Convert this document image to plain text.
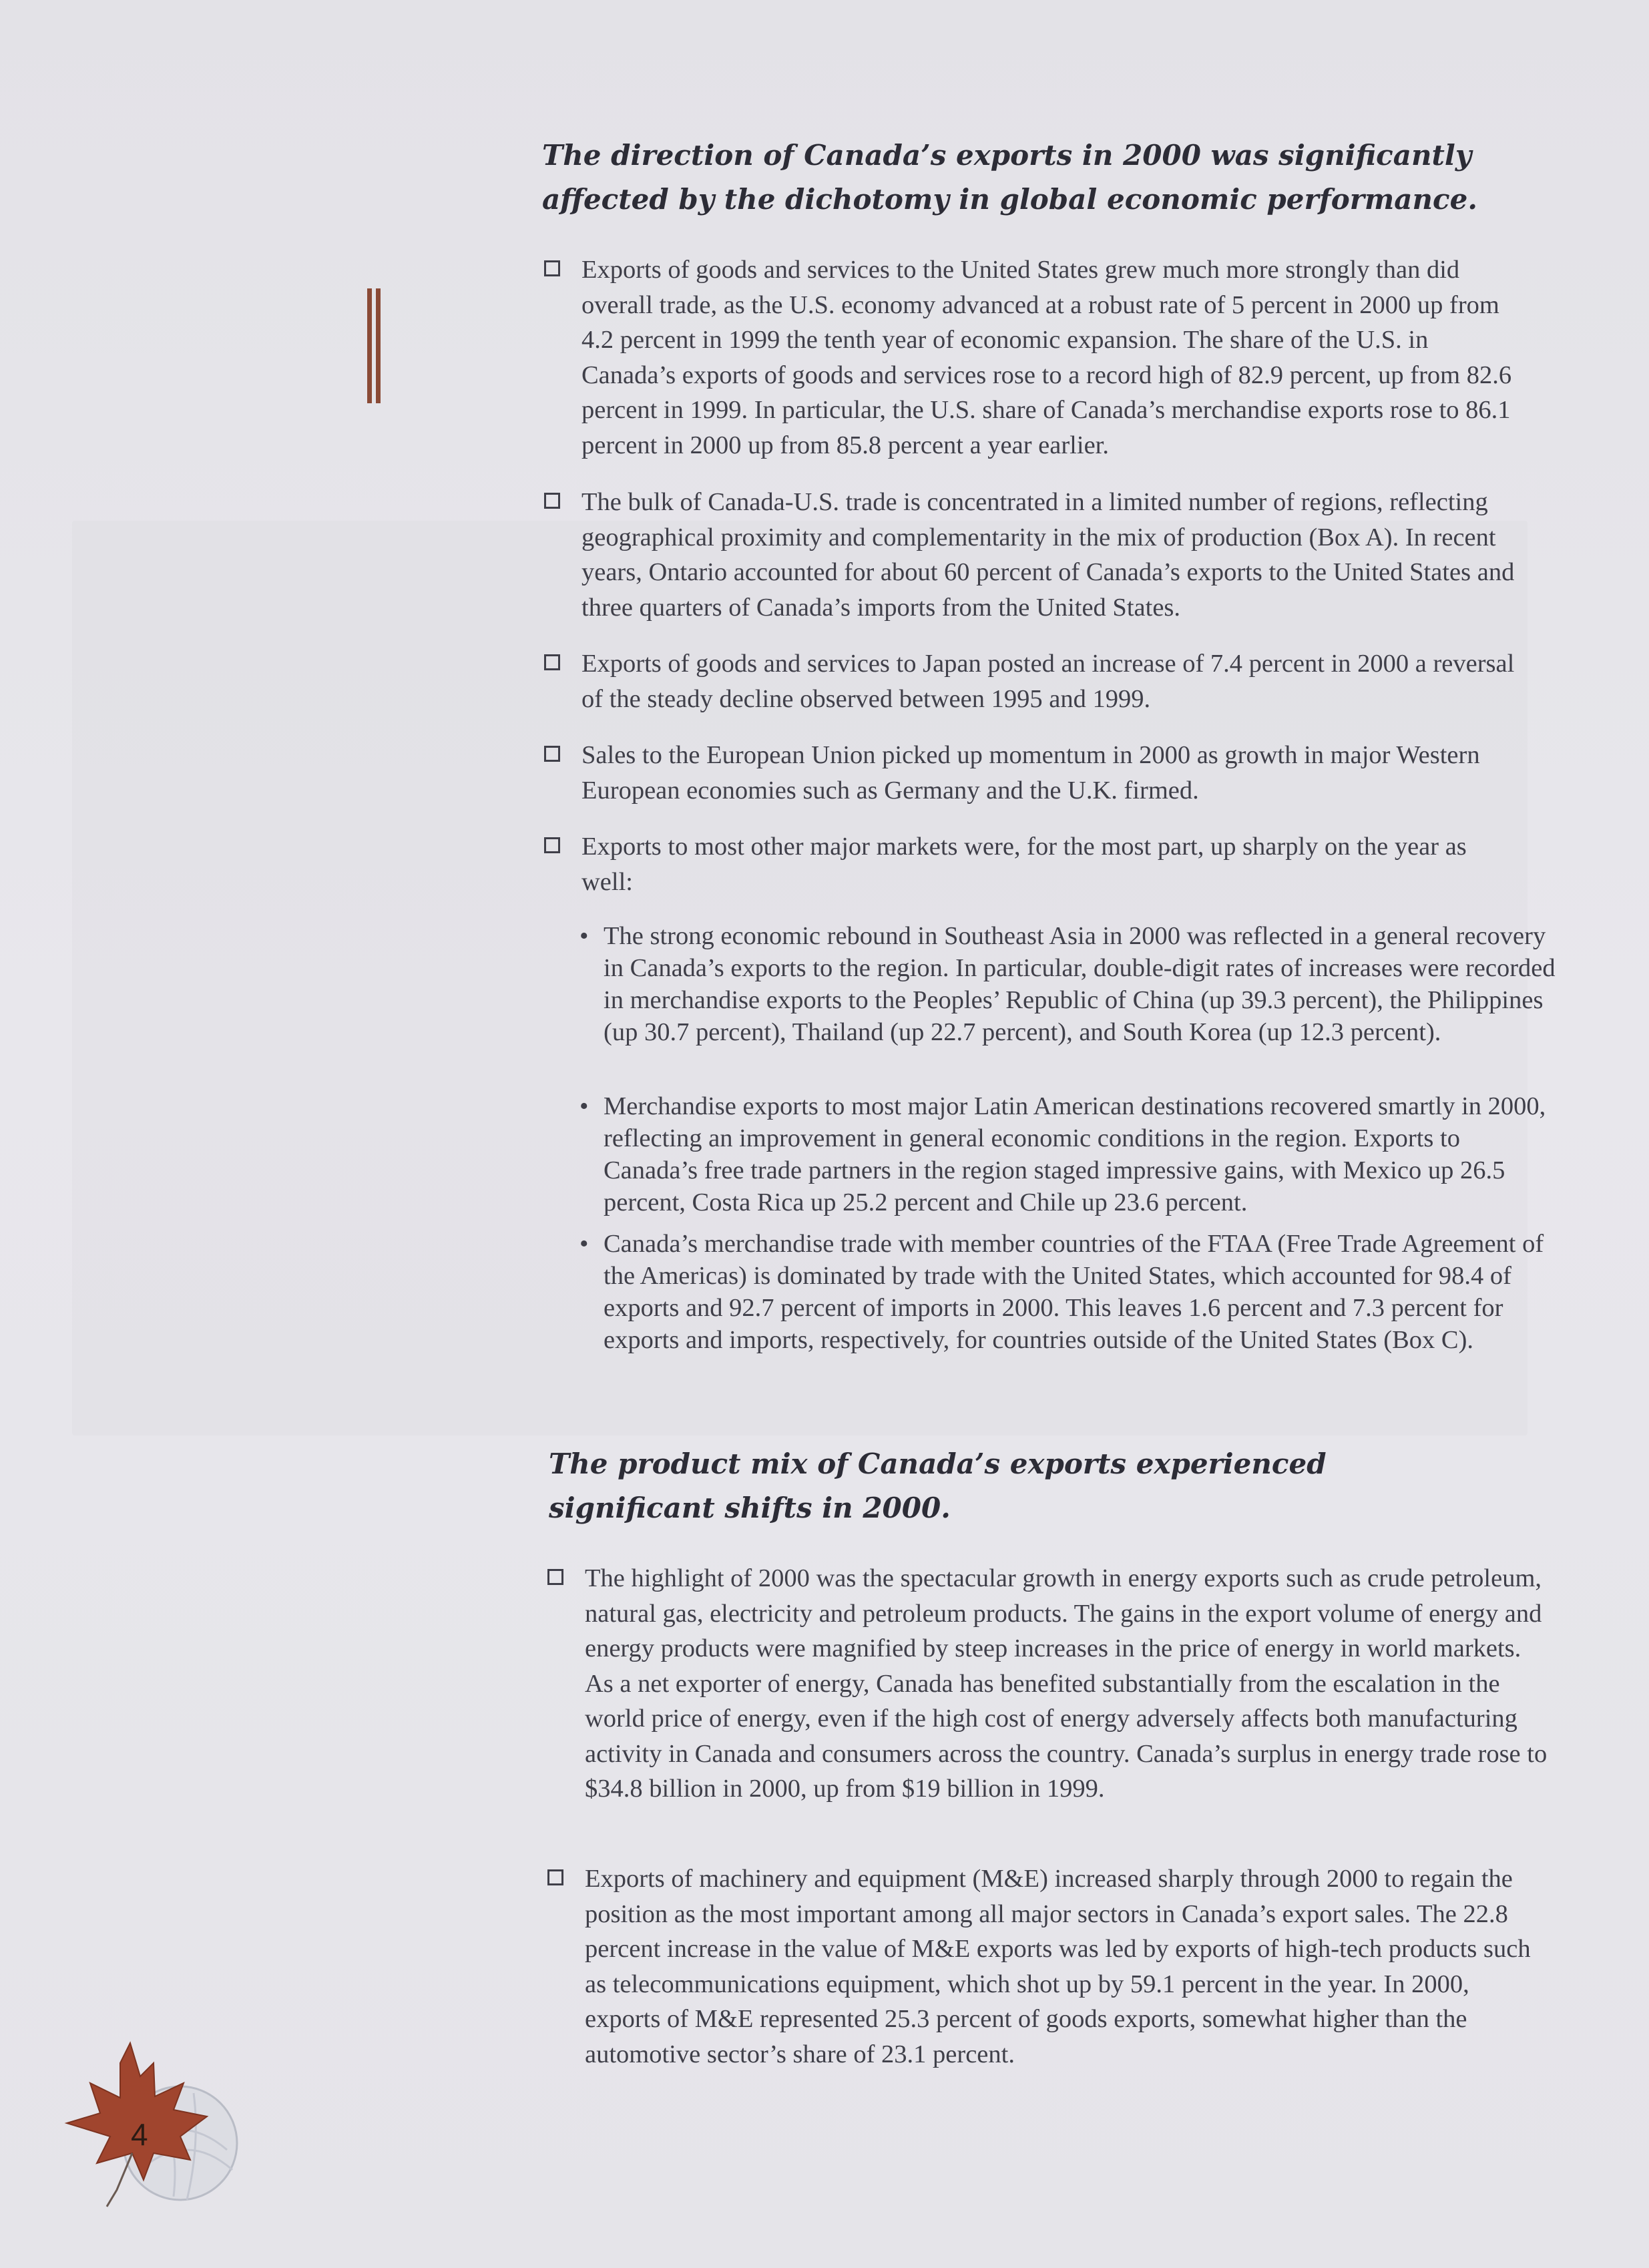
The direction of Canada’s exports in 2000 was significantly affected by the dichotomy in global economic performance.
Exports of goods and services to the United States grew much more strongly than did overall trade, as the U.S. economy advanced at a robust rate of 5 percent in 2000 up from 4.2 percent in 1999 the tenth year of economic expansion. The share of the U.S. in Canada’s exports of goods and services rose to a record high of 82.9 percent, up from 82.6 percent in 1999. In particular, the U.S. share of Canada’s merchandise exports rose to 86.1 percent in 2000 up from 85.8 percent a year earlier.
The bulk of Canada-U.S. trade is concentrated in a limited number of regions, reflecting geographical proximity and complementarity in the mix of production (Box A). In recent years, Ontario accounted for about 60 percent of Canada’s exports to the United States and three quarters of Canada’s imports from the United States.
Exports of goods and services to Japan posted an increase of 7.4 percent in 2000 a reversal of the steady decline observed between 1995 and 1999.
Sales to the European Union picked up momentum in 2000 as growth in major Western European economies such as Germany and the U.K. firmed.
Exports to most other major markets were, for the most part, up sharply on the year as well:
• The strong economic rebound in Southeast Asia in 2000 was reflected in a general recovery in Canada’s exports to the region. In particular, double-digit rates of increases were recorded in merchandise exports to the Peoples’ Republic of China (up 39.3 percent), the Philippines (up 30.7 percent), Thailand (up 22.7 percent), and South Korea (up 12.3 percent).
• Merchandise exports to most major Latin American destinations recovered smartly in 2000, reflecting an improvement in general economic conditions in the region. Exports to Canada’s free trade partners in the region staged impressive gains, with Mexico up 26.5 percent, Costa Rica up 25.2 percent and Chile up 23.6 percent.
• Canada’s merchandise trade with member countries of the FTAA (Free Trade Agreement of the Americas) is dominated by trade with the United States, which accounted for 98.4 of exports and 92.7 percent of imports in 2000. This leaves 1.6 percent and 7.3 percent for exports and imports, respectively, for countries outside of the United States (Box C).
The product mix of Canada’s exports experienced significant shifts in 2000.
The highlight of 2000 was the spectacular growth in energy exports such as crude petroleum, natural gas, electricity and petroleum products. The gains in the export volume of energy and energy products were magnified by steep increases in the price of energy in world markets. As a net exporter of energy, Canada has benefited substantially from the escalation in the world price of energy, even if the high cost of energy adversely affects both manufacturing activity in Canada and consumers across the country. Canada’s surplus in energy trade rose to $34.8 billion in 2000, up from $19 billion in 1999.
Exports of machinery and equipment (M&E) increased sharply through 2000 to regain the position as the most important among all major sectors in Canada’s export sales. The 22.8 percent increase in the value of M&E exports was led by exports of high-tech products such as telecommunications equipment, which shot up by 59.1 percent in the year. In 2000, exports of M&E represented 25.3 percent of goods exports, somewhat higher than the automotive sector’s share of 23.1 percent.
4
